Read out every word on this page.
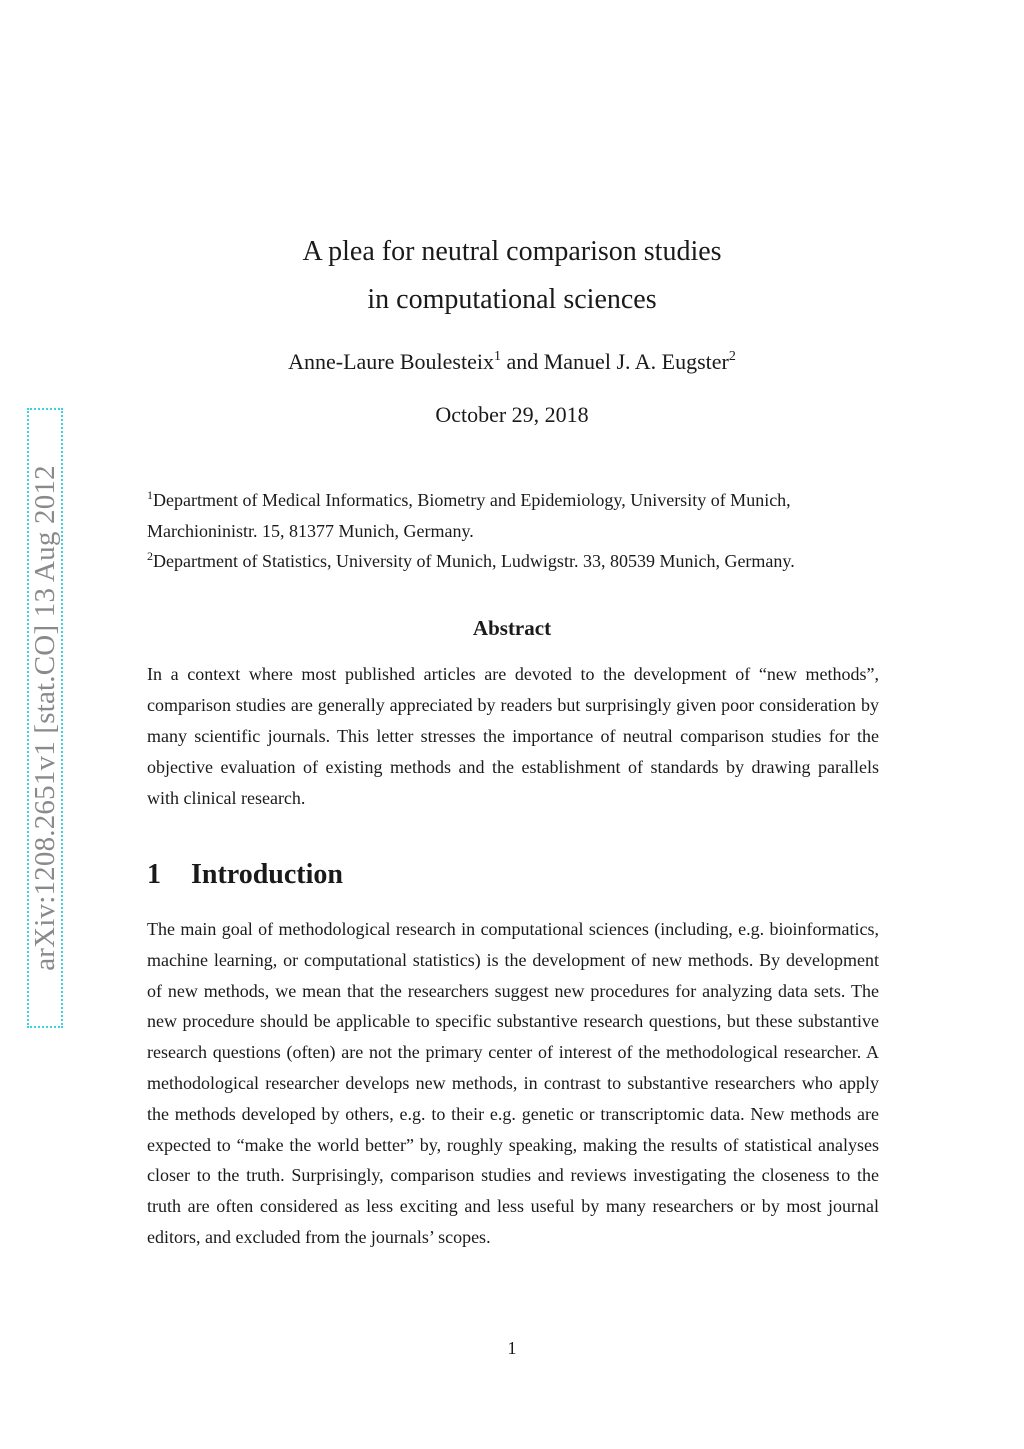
arXiv:1208.2651v1 [stat.CO] 13 Aug 2012
A plea for neutral comparison studies
in computational sciences
Anne-Laure Boulesteix$^1$ and Manuel J. A. Eugster$^2$
October 29, 2018

$^1$Department of Medical Informatics, Biometry and Epidemiology, University of Munich, Marchioninistr. 15, 81377 Munich, Germany.

$^2$Department of Statistics, University of Munich, Ludwigstr. 33, 80539 Munich, Germany.

Abstract
In a context where most published articles are devoted to the development of “new methods”, comparison studies are generally appreciated by readers but surprisingly given poor consideration by many scientific journals. This letter stresses the importance of neutral comparison studies for the objective evaluation of existing methods and the establishment of standards by drawing parallels with clinical research.
1 Introduction
The main goal of methodological research in computational sciences (including, e.g. bioinformatics, machine learning, or computational statistics) is the development of new methods. By development of new methods, we mean that the researchers suggest new procedures for analyzing data sets. The new procedure should be applicable to specific substantive research questions, but these substantive research questions (often) are not the primary center of interest of the methodological researcher. A methodological researcher develops new methods, in contrast to substantive researchers who apply the methods developed by others, e.g. to their e.g. genetic or transcriptomic data. New methods are expected to “make the world better” by, roughly speaking, making the results of statistical analyses closer to the truth. Surprisingly, comparison studies and reviews investigating the closeness to the truth are often considered as less exciting and less useful by many researchers or by most journal editors, and excluded from the journals’ scopes.
1
